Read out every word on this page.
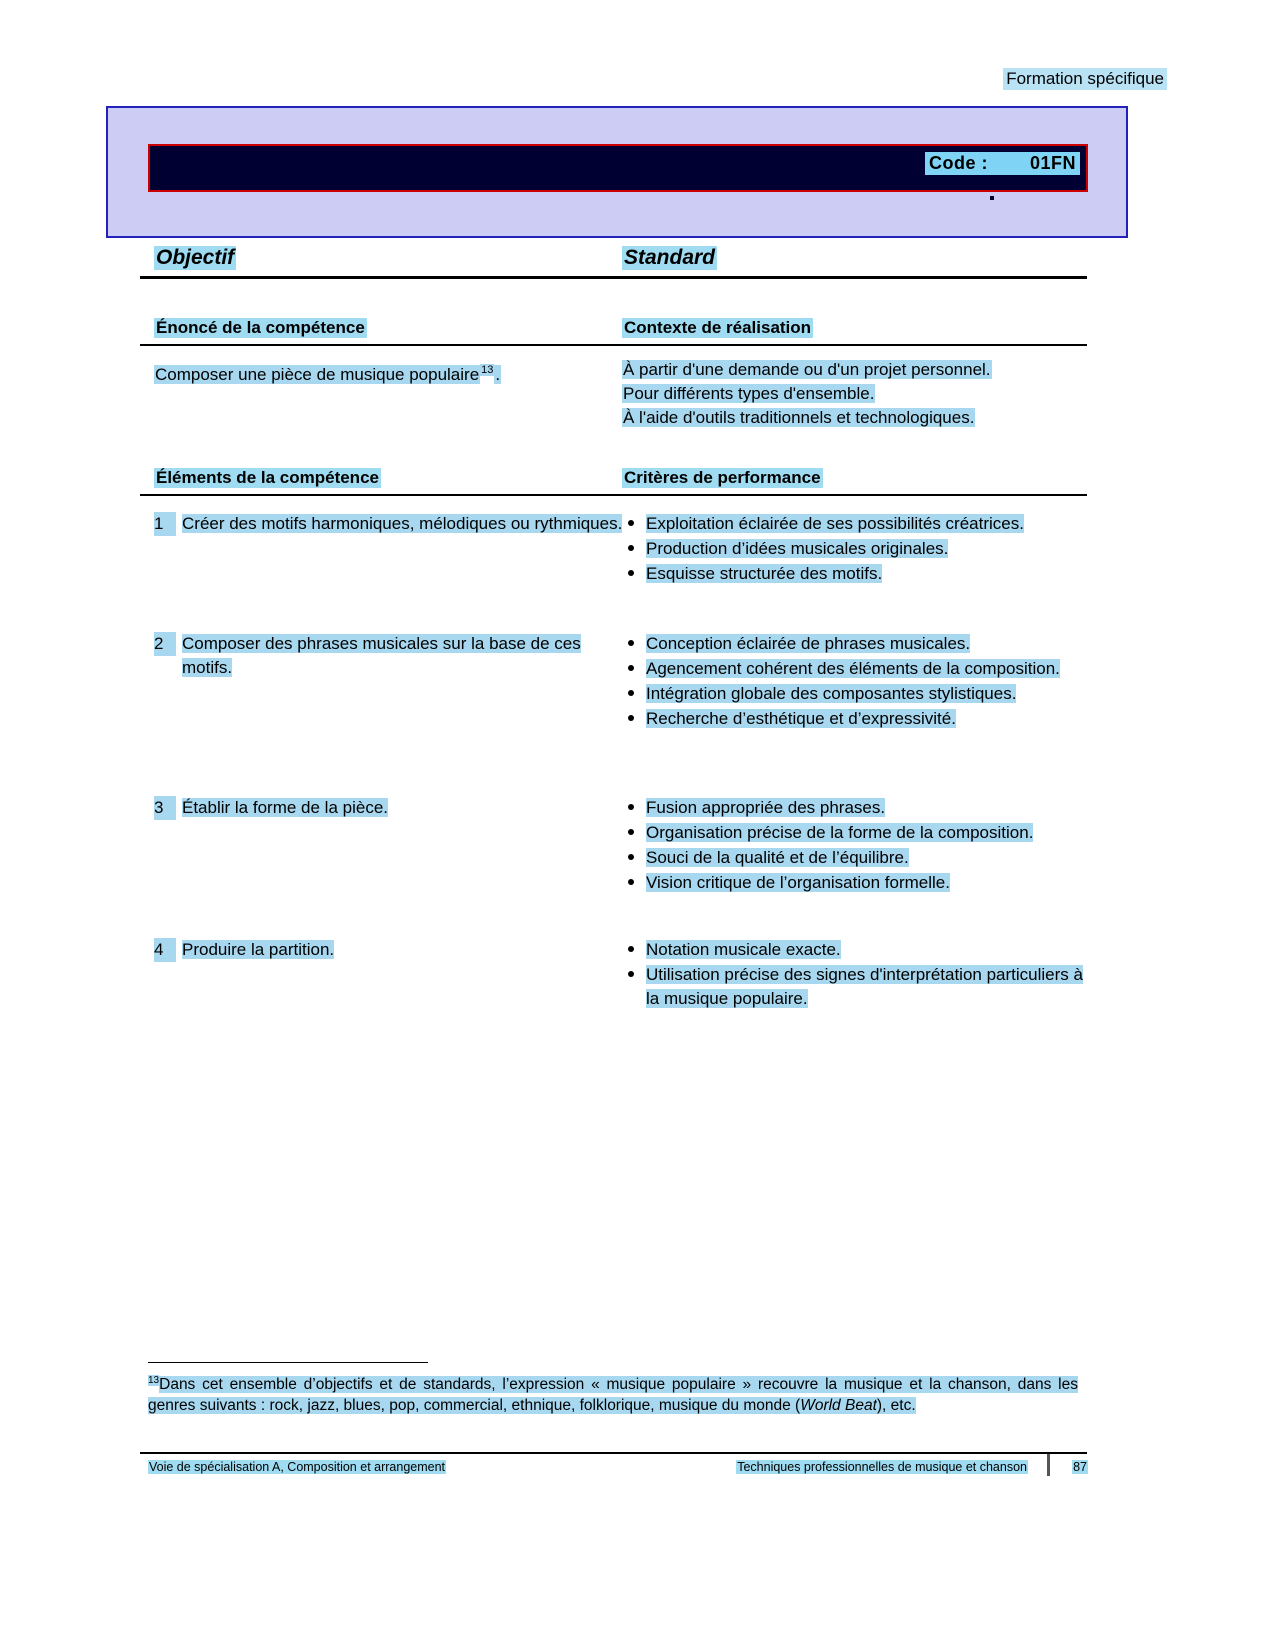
Formation spécifique
Code : 01FN
Objectif	Standard
Énoncé de la compétence	Contexte de réalisation
Composer une pièce de musique populaire $^{13}$ .	À partir d'une demande ou d'un projet personnel.
Pour différents types d'ensemble.
À l'aide d'outils traditionnels et technologiques.
Éléments de la compétence	Critères de performance
1	Créer des motifs harmoniques, mélodiques ou rythmiques.	Exploitation éclairée de ses possibilités créatrices.
Production d’idées musicales originales.
Esquisse structurée des motifs.
2	Composer des phrases musicales sur la base de ces motifs.
Conception éclairée de phrases musicales.
Agencement cohérent des éléments de la composition.
Intégration globale des composantes stylistiques.
Recherche d’esthétique et d’expressivité.
3	Établir la forme de la pièce.	Fusion appropriée des phrases.
Organisation précise de la forme de la composition.
Souci de la qualité et de l’équilibre.
Vision critique de l’organisation formelle.
4	Produire la partition.	Notation musicale exacte.
Utilisation précise des signes d'interprétation particuliers à la musique populaire.
$^{13}$Dans cet ensemble d’objectifs et de standards, l’expression « musique populaire » recouvre la musique et la chanson, dans les genres suivants : rock, jazz, blues, pop, commercial, ethnique, folklorique, musique du monde (World Beat), etc.
Voie de spécialisation A, Composition et arrangement	Techniques professionnelles de musique et chanson	87
